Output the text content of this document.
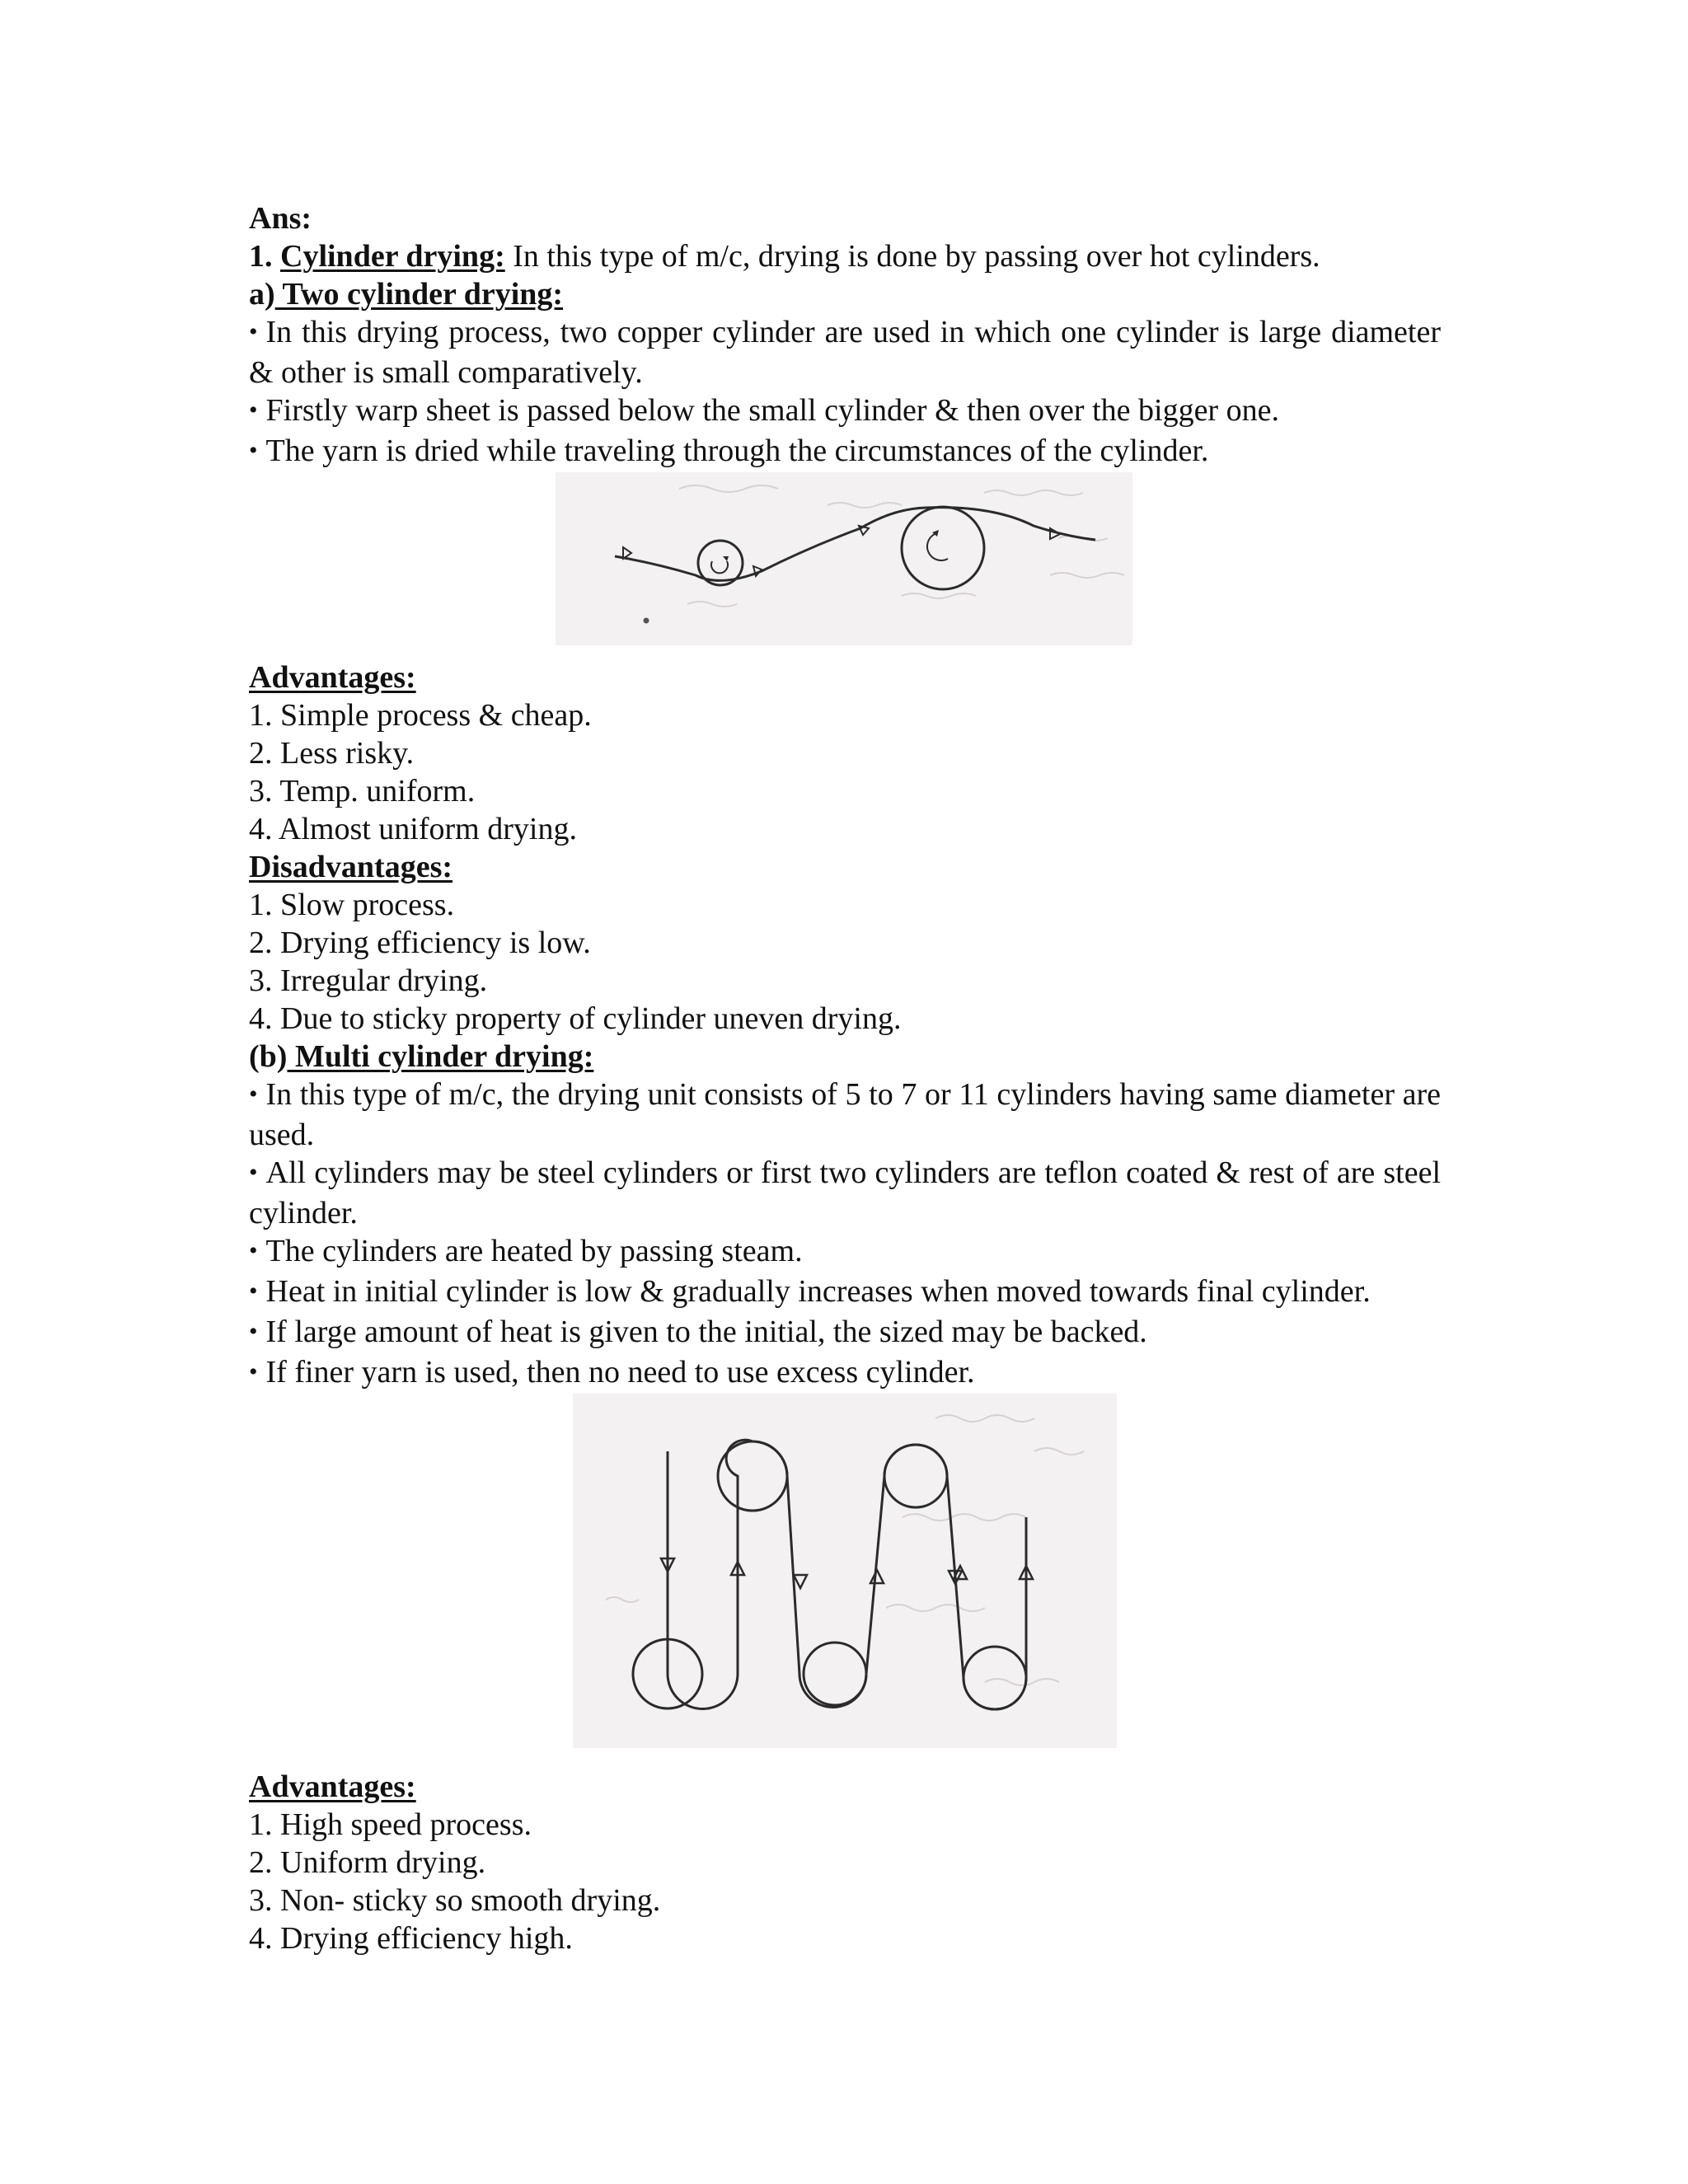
Ans:

1. Cylinder drying: In this type of m/c, drying is done by passing over hot cylinders.

a) Two cylinder drying:

• In this drying process, two copper cylinder are used in which one cylinder is large diameter & other is small comparatively.

• Firstly warp sheet is passed below the small cylinder & then over the bigger one.

• The yarn is dried while traveling through the circumstances of the cylinder.

Advantages:

1. Simple process & cheap.

2. Less risky.

3. Temp. uniform.

4. Almost uniform drying.

Disadvantages:

1. Slow process.

2. Drying efficiency is low.

3. Irregular drying.

4. Due to sticky property of cylinder uneven drying.

(b) Multi cylinder drying:

• In this type of m/c, the drying unit consists of 5 to 7 or 11 cylinders having same diameter are used.

• All cylinders may be steel cylinders or first two cylinders are teflon coated & rest of are steel cylinder.

• The cylinders are heated by passing steam.

• Heat in initial cylinder is low & gradually increases when moved towards final cylinder.

• If large amount of heat is given to the initial, the sized may be backed.

• If finer yarn is used, then no need to use excess cylinder.

Advantages:

1. High speed process.

2. Uniform drying.

3. Non- sticky so smooth drying.

4. Drying efficiency high.
